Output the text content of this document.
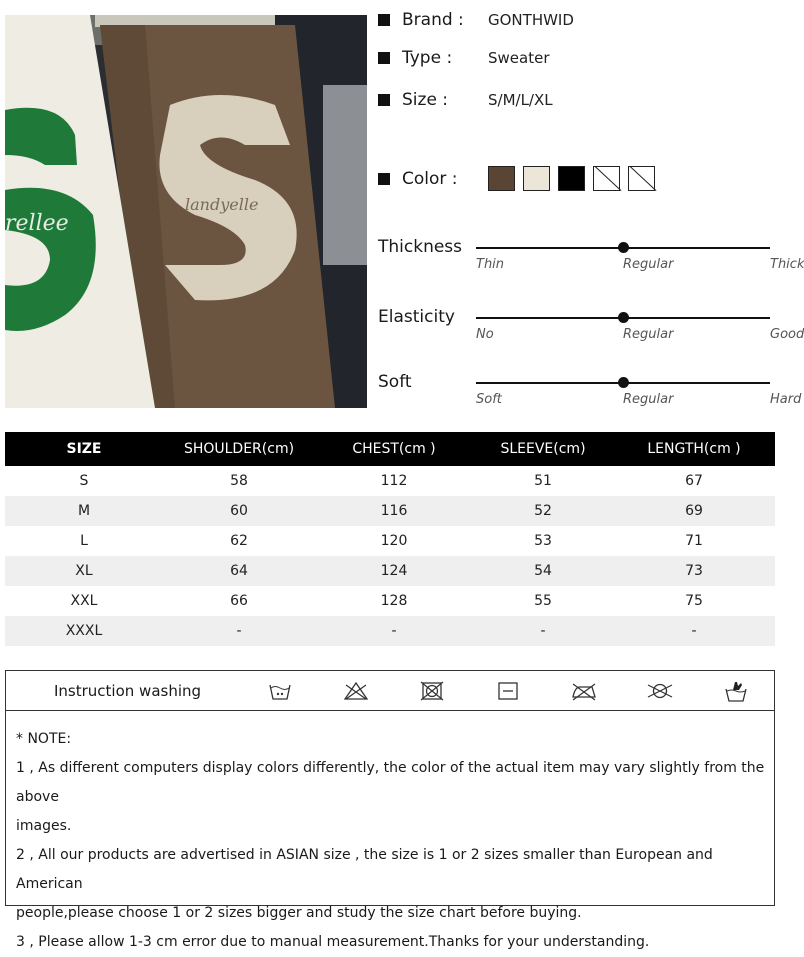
landyelle
rellee
Brand :	GONTHWID
Type :	Sweater
Size :	S/M/L/XL
Color :
Thickness
Thin	Regular	Thick
Elasticity
No	Regular	Good
Soft
Soft	Regular	Hard
SIZE	SHOULDER(cm)	CHEST(cm )	SLEEVE(cm)	LENGTH(cm )
S	58	112	51	67
M	60	116	52	69
L	62	120	53	71
XL	64	124	54	73
XXL	66	128	55	75
XXXL	-	-	-	-
Instruction washing
* NOTE:
1 , As different computers display colors differently, the color of the actual item may vary slightly from the above
images.
2 , All our products are advertised in ASIAN size , the size is 1 or 2 sizes smaller than European and American
people,please choose 1 or 2 sizes bigger and study the size chart before buying.
3 , Please allow 1-3 cm error due to manual measurement.Thanks for your understanding.
